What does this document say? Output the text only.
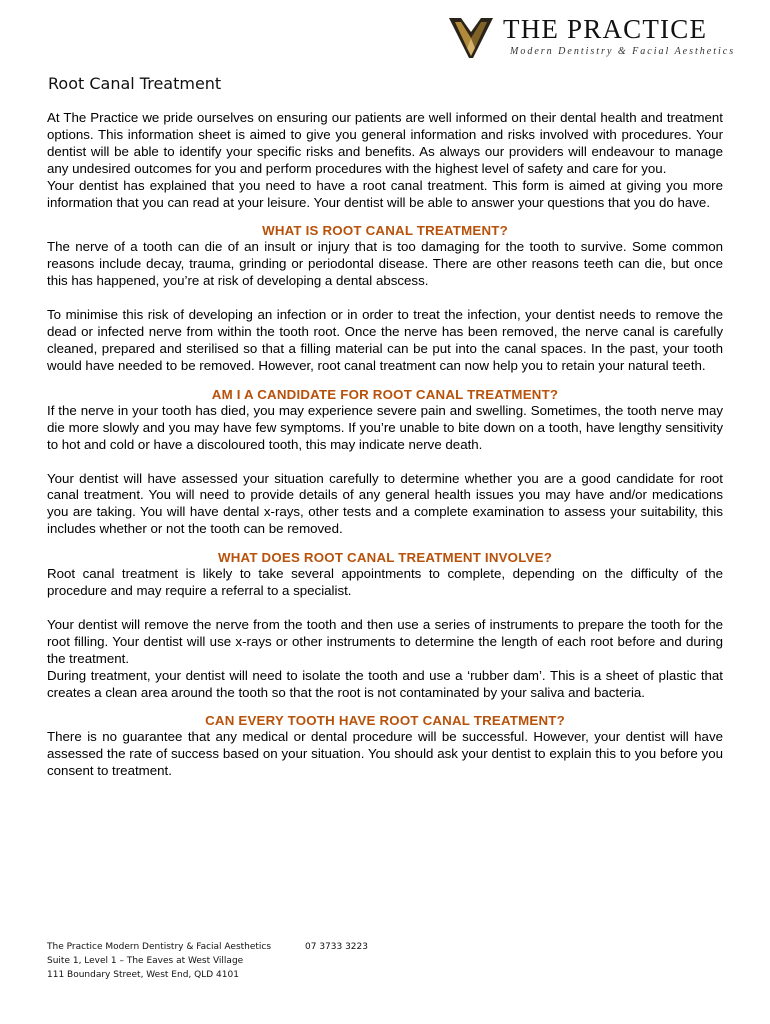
THE PRACTICE
Modern Dentistry & Facial Aesthetics
Root Canal Treatment

At The Practice we pride ourselves on ensuring our patients are well informed on their dental health and treatment options. This information sheet is aimed to give you general information and risks involved with procedures. Your dentist will be able to identify your specific risks and benefits. As always our providers will endeavour to manage any undesired outcomes for you and perform procedures with the highest level of safety and care for you.

Your dentist has explained that you need to have a root canal treatment. This form is aimed at giving you more information that you can read at your leisure. Your dentist will be able to answer your questions that you do have.

WHAT IS ROOT CANAL TREATMENT?

The nerve of a tooth can die of an insult or injury that is too damaging for the tooth to survive. Some common reasons include decay, trauma, grinding or periodontal disease. There are other reasons teeth can die, but once this has happened, you’re at risk of developing a dental abscess.

To minimise this risk of developing an infection or in order to treat the infection, your dentist needs to remove the dead or infected nerve from within the tooth root. Once the nerve has been removed, the nerve canal is carefully cleaned, prepared and sterilised so that a filling material can be put into the canal spaces. In the past, your tooth would have needed to be removed. However, root canal treatment can now help you to retain your natural teeth.

AM I A CANDIDATE FOR ROOT CANAL TREATMENT?

If the nerve in your tooth has died, you may experience severe pain and swelling. Sometimes, the tooth nerve may die more slowly and you may have few symptoms. If you’re unable to bite down on a tooth, have lengthy sensitivity to hot and cold or have a discoloured tooth, this may indicate nerve death.

Your dentist will have assessed your situation carefully to determine whether you are a good candidate for root canal treatment. You will need to provide details of any general health issues you may have and/or medications you are taking. You will have dental x-rays, other tests and a complete examination to assess your suitability, this includes whether or not the tooth can be removed.

WHAT DOES ROOT CANAL TREATMENT INVOLVE?

Root canal treatment is likely to take several appointments to complete, depending on the difficulty of the procedure and may require a referral to a specialist.

Your dentist will remove the nerve from the tooth and then use a series of instruments to prepare the tooth for the root filling. Your dentist will use x-rays or other instruments to determine the length of each root before and during the treatment.

During treatment, your dentist will need to isolate the tooth and use a ‘rubber dam’. This is a sheet of plastic that creates a clean area around the tooth so that the root is not contaminated by your saliva and bacteria.

CAN EVERY TOOTH HAVE ROOT CANAL TREATMENT?

There is no guarantee that any medical or dental procedure will be successful. However, your dentist will have assessed the rate of success based on your situation. You should ask your dentist to explain this to you before you consent to treatment.

The Practice Modern Dentistry & Facial Aesthetics	07 3733 3223
Suite 1, Level 1 – The Eaves at West Village
111 Boundary Street, West End, QLD 4101
